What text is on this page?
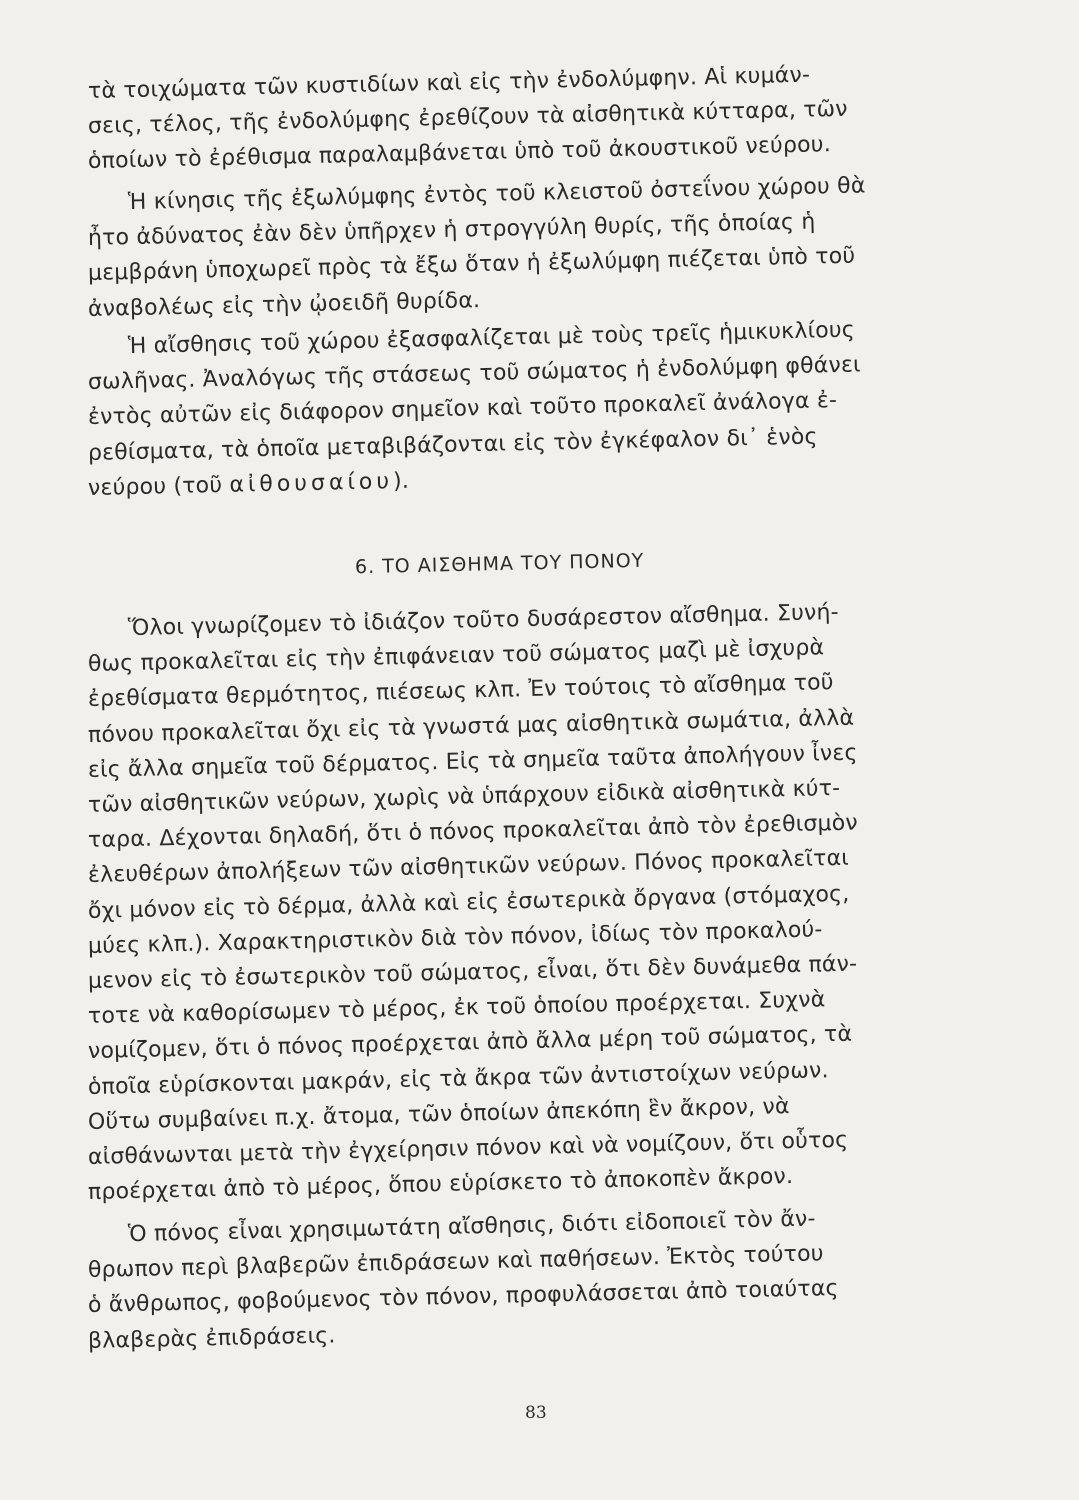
τὰ τοιχώματα τῶν κυστιδίων καὶ εἰς τὴν ἐνδολύμφην. Αἱ κυμάν-
σεις, τέλος, τῆς ἐνδολύμφης ἐρεθίζουν τὰ αἰσθητικὰ κύτταρα, τῶν
ὁποίων τὸ ἐρέθισμα παραλαμβάνεται ὑπὸ τοῦ ἀκουστικοῦ νεύρου.
Ἡ κίνησις τῆς ἐξωλύμφης ἐντὸς τοῦ κλειστοῦ ὀστεΐνου χώρου θὰ
ἦτο ἀδύνατος ἐὰν δὲν ὑπῆρχεν ἡ στρογγύλη θυρίς, τῆς ὁποίας ἡ
μεμβράνη ὑποχωρεῖ πρὸς τὰ ἔξω ὅταν ἡ ἐξωλύμφη πιέζεται ὑπὸ τοῦ
ἀναβολέως εἰς τὴν ᾠοειδῆ θυρίδα.
Ἡ αἴσθησις τοῦ χώρου ἐξασφαλίζεται μὲ τοὺς τρεῖς ἡμικυκλίους
σωλῆνας. Ἀναλόγως τῆς στάσεως τοῦ σώματος ἡ ἐνδολύμφη φθάνει
ἐντὸς αὐτῶν εἰς διάφορον σημεῖον καὶ τοῦτο προκαλεῖ ἀνάλογα ἐ-
ρεθίσματα, τὰ ὁποῖα μεταβιβάζονται εἰς τὸν ἐγκέφαλον δι᾽ ἑνὸς
νεύρου (τοῦ αἰθουσαίου).
6. ΤΟ ΑΙΣΘΗΜΑ ΤΟΥ ΠΟΝΟΥ
Ὅλοι γνωρίζομεν τὸ ἰδιάζον τοῦτο δυσάρεστον αἴσθημα. Συνή-
θως προκαλεῖται εἰς τὴν ἐπιφάνειαν τοῦ σώματος μαζὶ μὲ ἰσχυρὰ
ἐρεθίσματα θερμότητος, πιέσεως κλπ. Ἐν τούτοις τὸ αἴσθημα τοῦ
πόνου προκαλεῖται ὄχι εἰς τὰ γνωστά μας αἰσθητικὰ σωμάτια, ἀλλὰ
εἰς ἄλλα σημεῖα τοῦ δέρματος. Εἰς τὰ σημεῖα ταῦτα ἀπολήγουν ἶνες
τῶν αἰσθητικῶν νεύρων, χωρὶς νὰ ὑπάρχουν εἰδικὰ αἰσθητικὰ κύτ-
ταρα. Δέχονται δηλαδή, ὅτι ὁ πόνος προκαλεῖται ἀπὸ τὸν ἐρεθισμὸν
ἐλευθέρων ἀπολήξεων τῶν αἰσθητικῶν νεύρων. Πόνος προκαλεῖται
ὄχι μόνον εἰς τὸ δέρμα, ἀλλὰ καὶ εἰς ἐσωτερικὰ ὄργανα (στόμαχος,
μύες κλπ.). Χαρακτηριστικὸν διὰ τὸν πόνον, ἰδίως τὸν προκαλού-
μενον εἰς τὸ ἐσωτερικὸν τοῦ σώματος, εἶναι, ὅτι δὲν δυνάμεθα πάν-
τοτε νὰ καθορίσωμεν τὸ μέρος, ἐκ τοῦ ὁποίου προέρχεται. Συχνὰ
νομίζομεν, ὅτι ὁ πόνος προέρχεται ἀπὸ ἄλλα μέρη τοῦ σώματος, τὰ
ὁποῖα εὑρίσκονται μακράν, εἰς τὰ ἄκρα τῶν ἀντιστοίχων νεύρων.
Οὕτω συμβαίνει π.χ. ἄτομα, τῶν ὁποίων ἀπεκόπη ἓν ἄκρον, νὰ
αἰσθάνωνται μετὰ τὴν ἐγχείρησιν πόνον καὶ νὰ νομίζουν, ὅτι οὗτος
προέρχεται ἀπὸ τὸ μέρος, ὅπου εὑρίσκετο τὸ ἀποκοπὲν ἄκρον.
Ὁ πόνος εἶναι χρησιμωτάτη αἴσθησις, διότι εἰδοποιεῖ τὸν ἄν-
θρωπον περὶ βλαβερῶν ἐπιδράσεων καὶ παθήσεων. Ἐκτὸς τούτου
ὁ ἄνθρωπος, φοβούμενος τὸν πόνον, προφυλάσσεται ἀπὸ τοιαύτας
βλαβερὰς ἐπιδράσεις.
83
